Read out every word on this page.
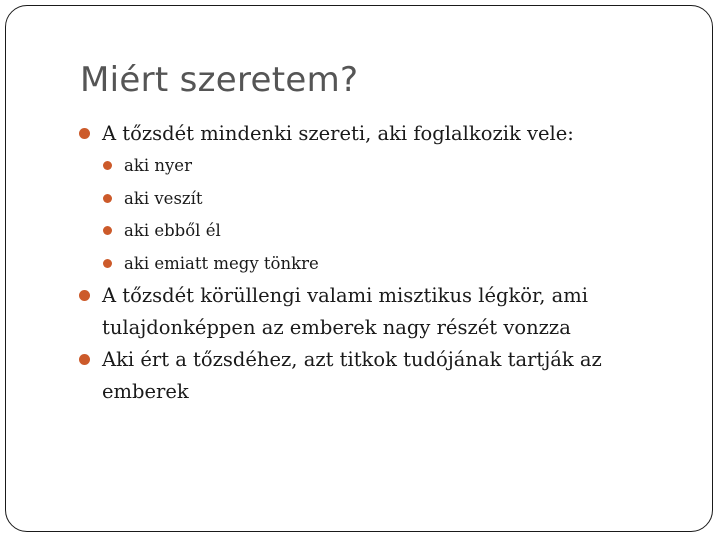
Miért szeretem?

A tőzsdét mindenki szereti, aki foglalkozik vele:

aki nyer

aki veszít

aki ebből él

aki emiatt megy tönkre

A tőzsdét körüllengi valami misztikus légkör, ami tulajdonképpen az emberek nagy részét vonzza

Aki ért a tőzsdéhez, azt titkok tudójának tartják az emberek
